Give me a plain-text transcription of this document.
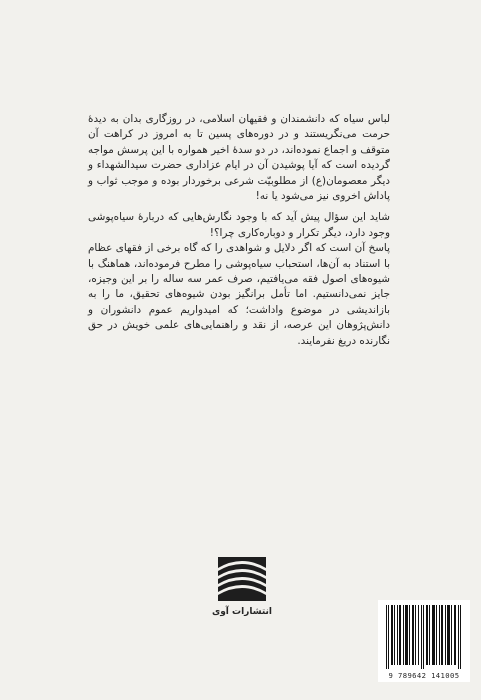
لباس سیاه که دانشمندان و فقیهان اسلامی، در روزگاری بدان به دیدهٔ حرمت می‌نگریستند و در دوره‌های پسین تا به امروز در کراهت آن متوقف و اجماع نموده‌اند، در دو سدهٔ اخیر همواره با این پرسش مواجه گردیده است که آیا پوشیدن آن در ایام عزاداری حضرت سیدالشهداء و دیگر معصومان(ع) از مطلوبیّت شرعی برخوردار بوده و موجب ثواب و پاداش اخروی نیز می‌شود یا نه!

شاید این سؤال پیش آید که با وجود نگارش‌هایی که دربارهٔ سیاه‌پوشی وجود دارد، دیگر تکرار و دوباره‌کاری چرا؟!

پاسخ آن است که اگر دلایل و شواهدی را که گاه برخی از فقهای عظام با استناد به آن‌ها، استحباب سیاه‌پوشی را مطرح فرموده‌اند، هماهنگ با شیوه‌های اصول فقه می‌یافتیم، صرف عمر سه ساله را بر این وجیزه، جایز نمی‌دانستیم. اما تأمل برانگیز بودن شیوه‌های تحقیق، ما را به بازاندیشی در موضوع واداشت؛ که امیدواریم عموم دانشوران و دانش‌پژوهان این عرصه، از نقد و راهنمایی‌های علمی خویش در حق نگارنده دریغ نفرمایند.

انتشارات آوی
9 789642 141005
